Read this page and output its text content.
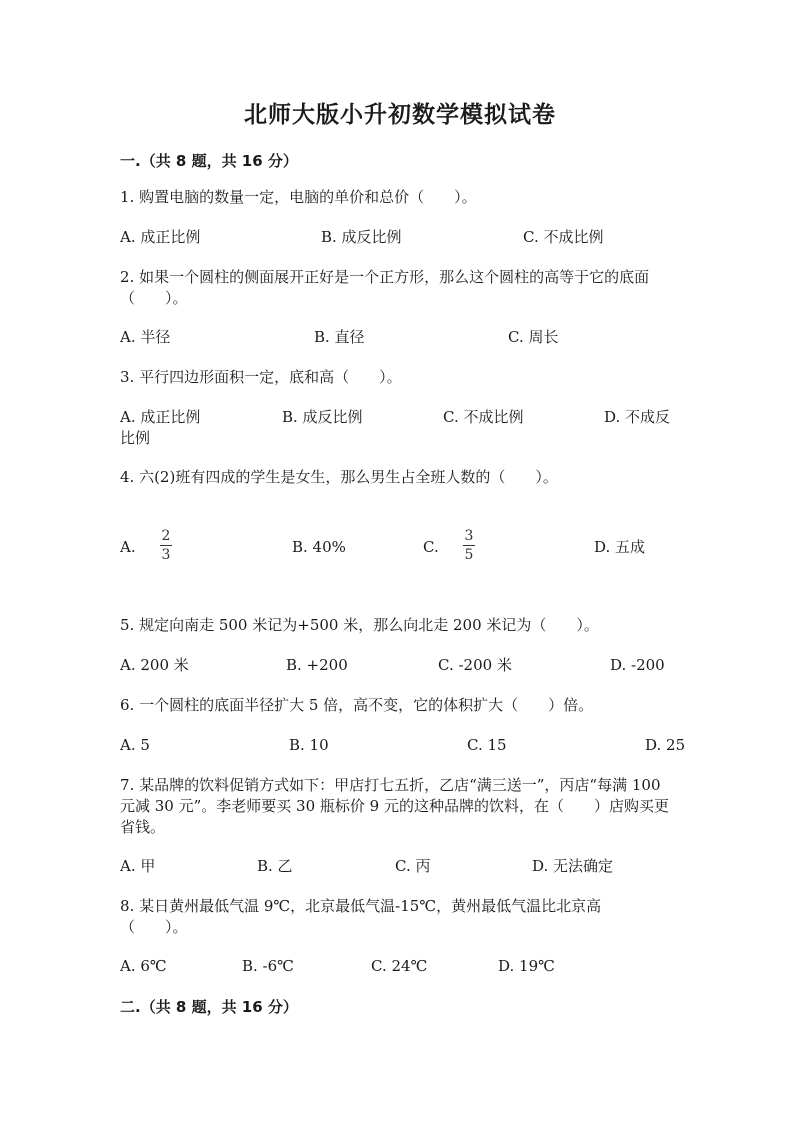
北师大版小升初数学模拟试卷
一.（共 8 题，共 16 分）
1. 购置电脑的数量一定，电脑的单价和总价（　　）。
A. 成正比例	B. 成反比例	C. 不成比例
2. 如果一个圆柱的侧面展开正好是一个正方形，那么这个圆柱的高等于它的底面（　　）。
A. 半径	B. 直径	C. 周长
3. 平行四边形面积一定，底和高（　　）。
A. 成正比例	B. 成反比例	C. 不成比例	D. 不成反比例
4. 六(2)班有四成的学生是女生，那么男生占全班人数的（　　）。
A.
2
3	B. 40%	C.
3
5	D. 五成
5. 规定向南走 500 米记为+500 米，那么向北走 200 米记为（　　）。
A. 200 米	B. +200	C. -200 米	D. -200
6. 一个圆柱的底面半径扩大 5 倍，高不变，它的体积扩大（　　）倍。
A. 5	B. 10	C. 15	D. 25
7. 某品牌的饮料促销方式如下：甲店打七五折，乙店“满三送一”，丙店“每满 100 元减 30 元”。李老师要买 30 瓶标价 9 元的这种品牌的饮料，在（　　）店购买更省钱。
A. 甲	B. 乙	C. 丙	D. 无法确定
8. 某日黄州最低气温 9℃，北京最低气温-15℃，黄州最低气温比北京高（　　）。
A. 6℃	B. -6℃	C. 24℃	D. 19℃
二.（共 8 题，共 16 分）
